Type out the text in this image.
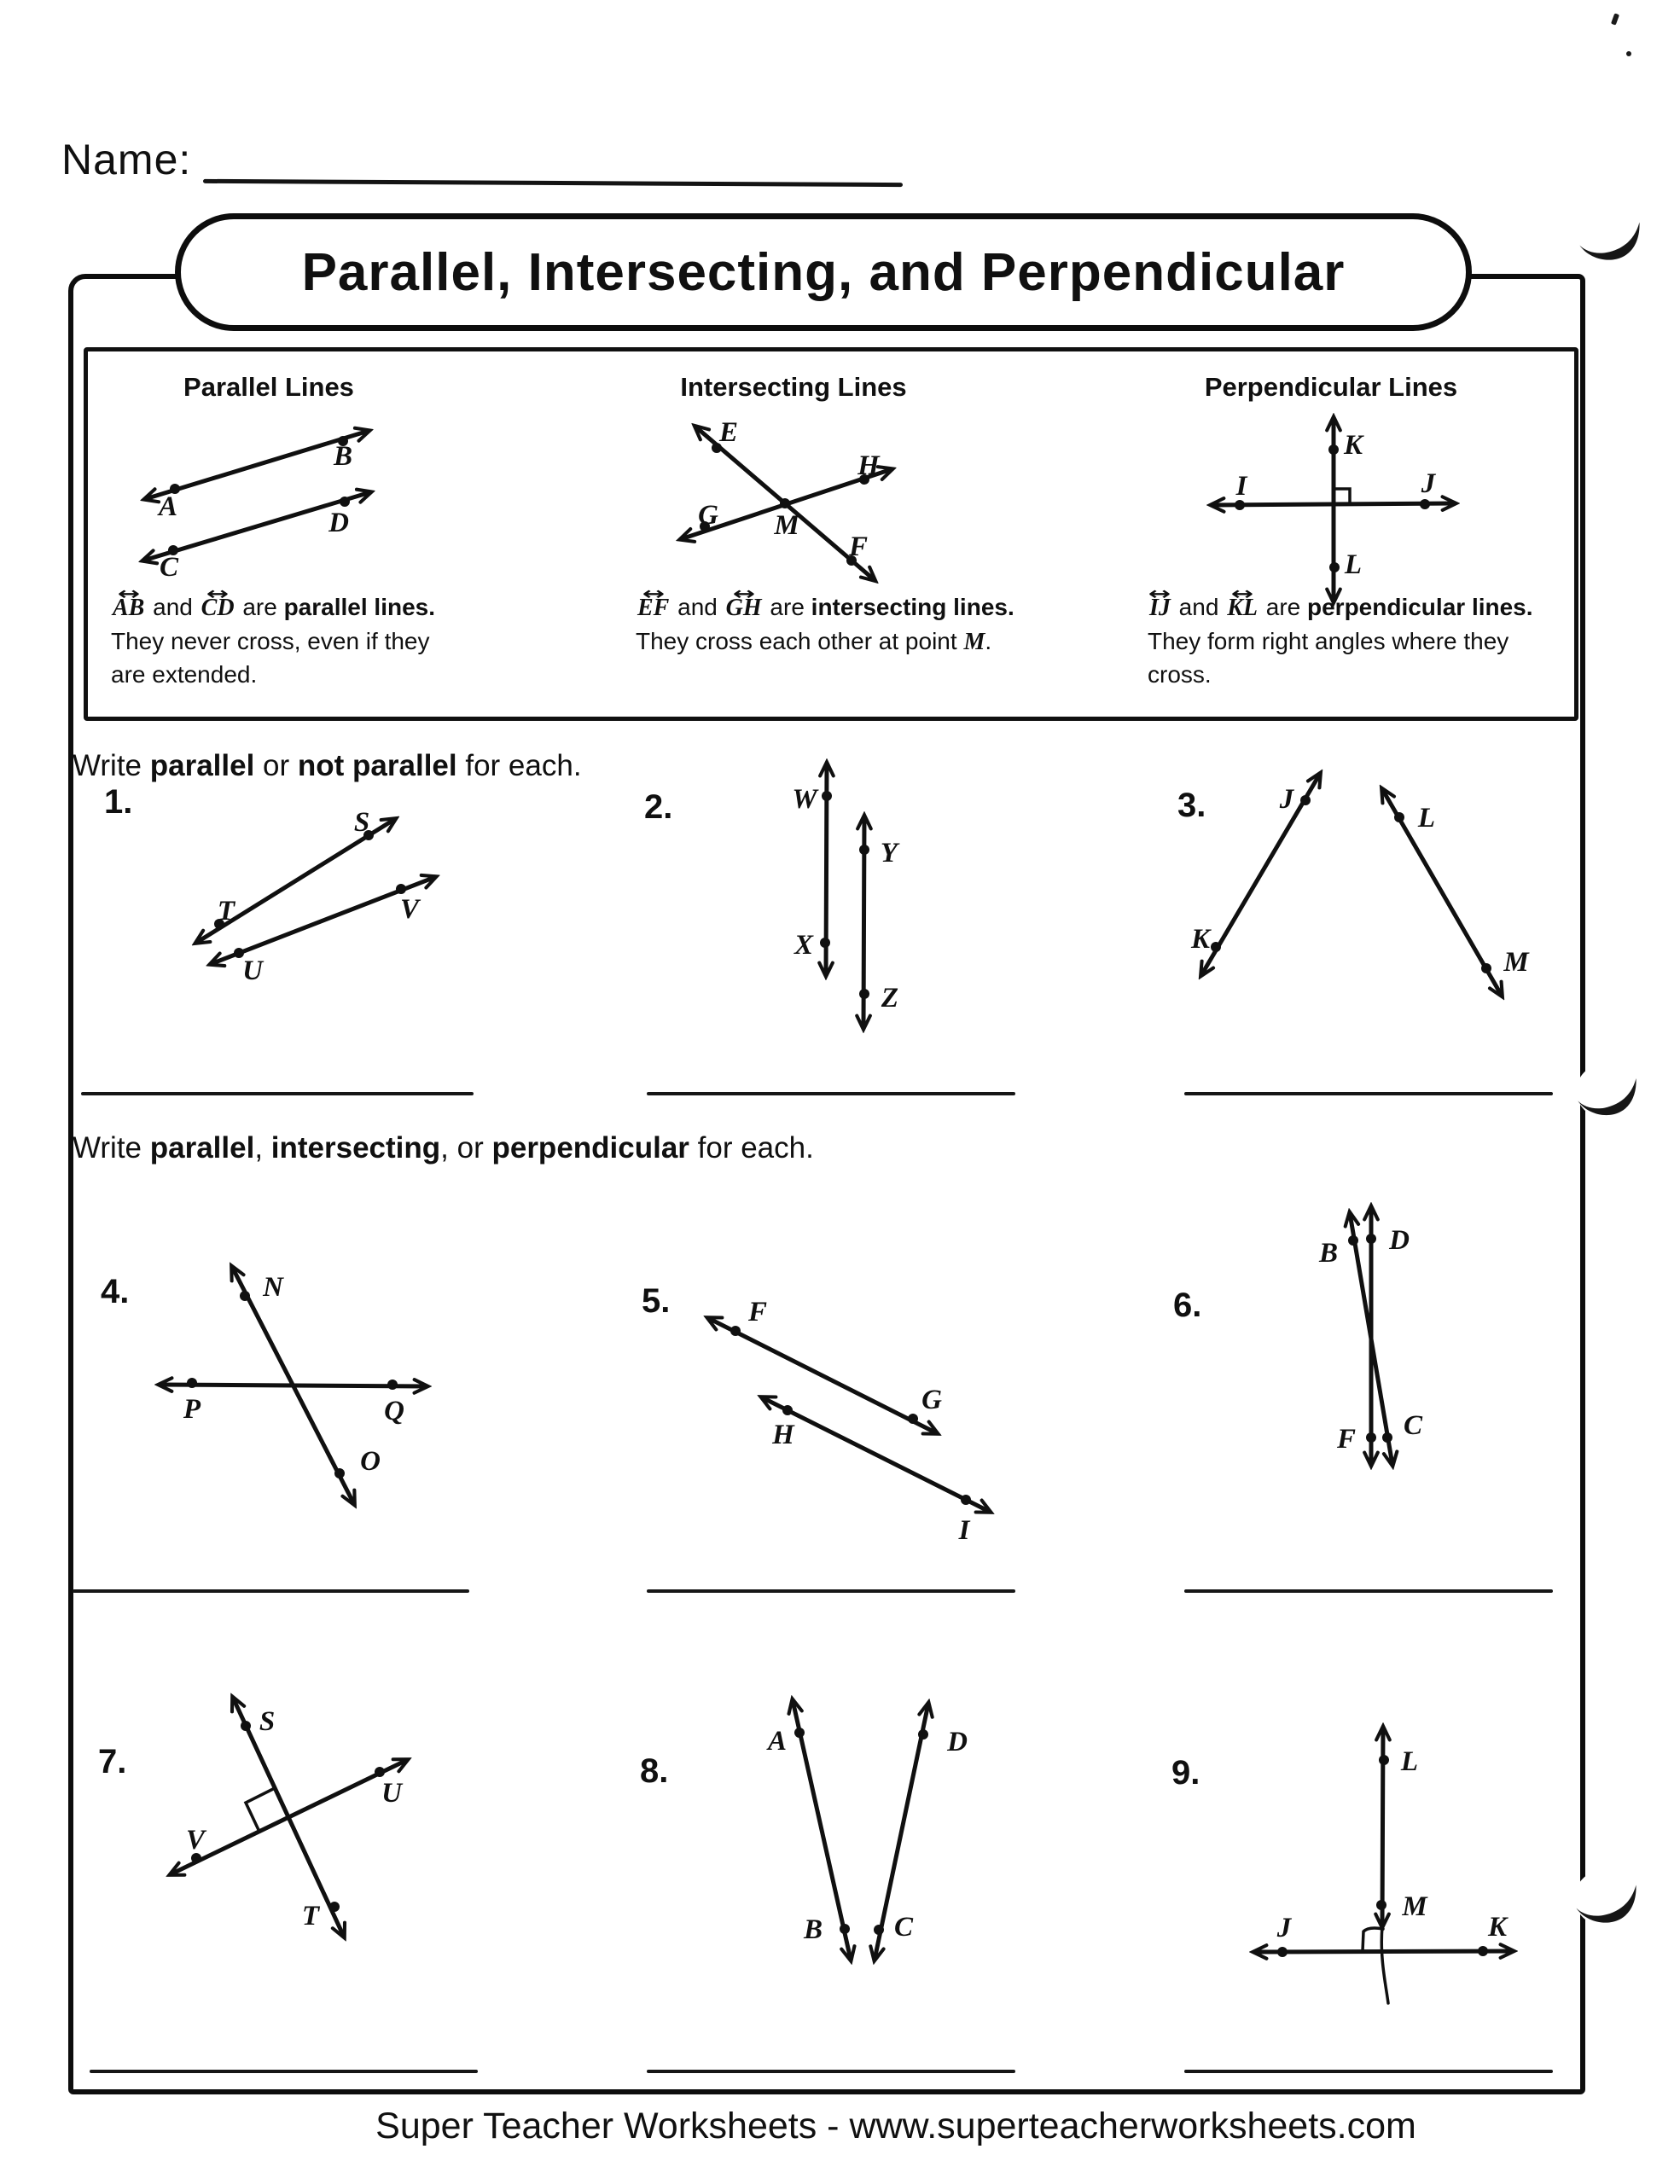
Name:
Parallel, Intersecting, and Perpendicular
Parallel Lines	Intersecting Lines	Perpendicular Lines
A
B
C
D
E
F
G
H
M
K
L
I	J
↔ AB and ↔ CD are parallel lines.
They never cross, even if they
are extended.
↔ EF and ↔ GH are intersecting lines.
They cross each other at point M.
↔ IJ and ↔ KL are perpendicular lines.
They form right angles where they
cross.
Write parallel or not parallel for each.
1.	2.	3.
S
T
U
V
W
X
Y
Z
J
K
L
M
Write parallel, intersecting, or perpendicular for each.
4.	5.	6.
N
P	Q
O
F
G
H
I
B D
F C
7.	8.	9.
S
U
V
T
A	D
B	C
L
M
J	K
Super Teacher Worksheets - www.superteacherworksheets.com
